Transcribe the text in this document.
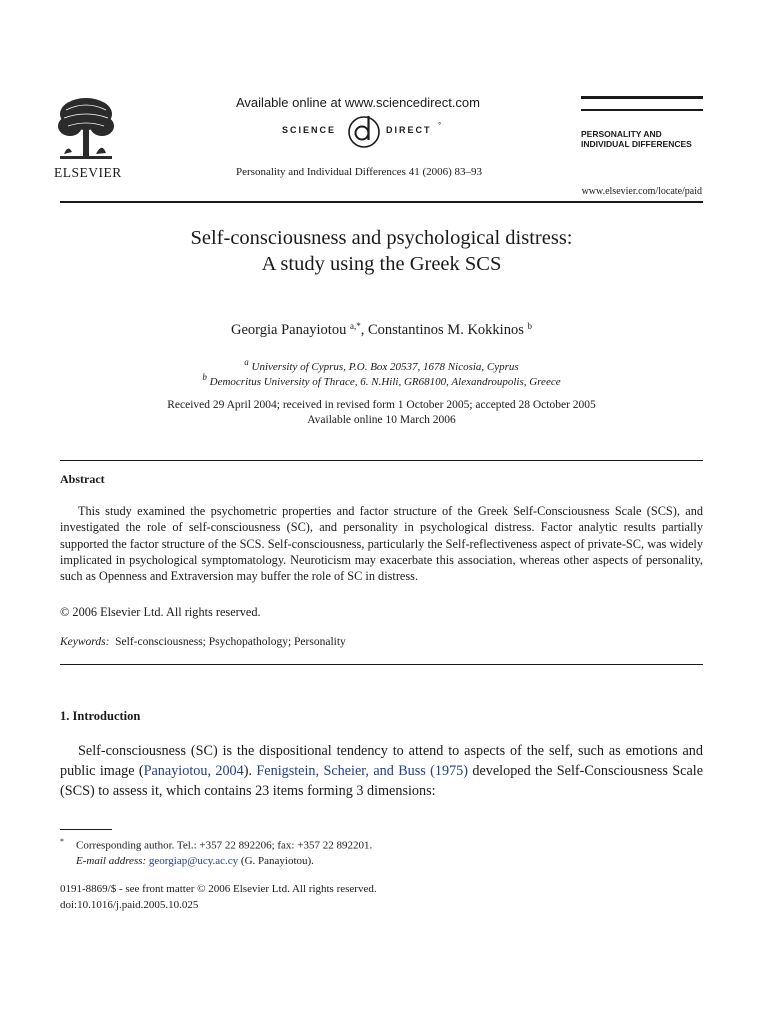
ELSEVIER
Available online at www.sciencedirect.com
SCIENCE	DIRECT °
Personality and Individual Differences 41 (2006) 83–93
PERSONALITY AND
INDIVIDUAL DIFFERENCES
www.elsevier.com/locate/paid
Self-consciousness and psychological distress:
A study using the Greek SCS
Georgia Panayiotou $^{a,*}$, Constantinos M. Kokkinos $^b$
$^a$ University of Cyprus, P.O. Box 20537, 1678 Nicosia, Cyprus
$^b$ Democritus University of Thrace, 6. N.Hili, GR68100, Alexandroupolis, Greece
Received 29 April 2004; received in revised form 1 October 2005; accepted 28 October 2005
Available online 10 March 2006
Abstract
This study examined the psychometric properties and factor structure of the Greek Self-Consciousness Scale (SCS), and investigated the role of self-consciousness (SC), and personality in psychological distress. Factor analytic results partially supported the factor structure of the SCS. Self-consciousness, particularly the Self-reflectiveness aspect of private-SC, was widely implicated in psychological symptomatology. Neuroticism may exacerbate this association, whereas other aspects of personality, such as Openness and Extraversion may buffer the role of SC in distress.
© 2006 Elsevier Ltd. All rights reserved.
Keywords: Self-consciousness; Psychopathology; Personality
1. Introduction
Self-consciousness (SC) is the dispositional tendency to attend to aspects of the self, such as emotions and public image (Panayiotou, 2004). Fenigstein, Scheier, and Buss (1975) developed the Self-Consciousness Scale (SCS) to assess it, which contains 23 items forming 3 dimensions:
* Corresponding author. Tel.: +357 22 892206; fax: +357 22 892201.
E-mail address: georgiap@ucy.ac.cy (G. Panayiotou).
0191-8869/$ - see front matter © 2006 Elsevier Ltd. All rights reserved.
doi:10.1016/j.paid.2005.10.025
